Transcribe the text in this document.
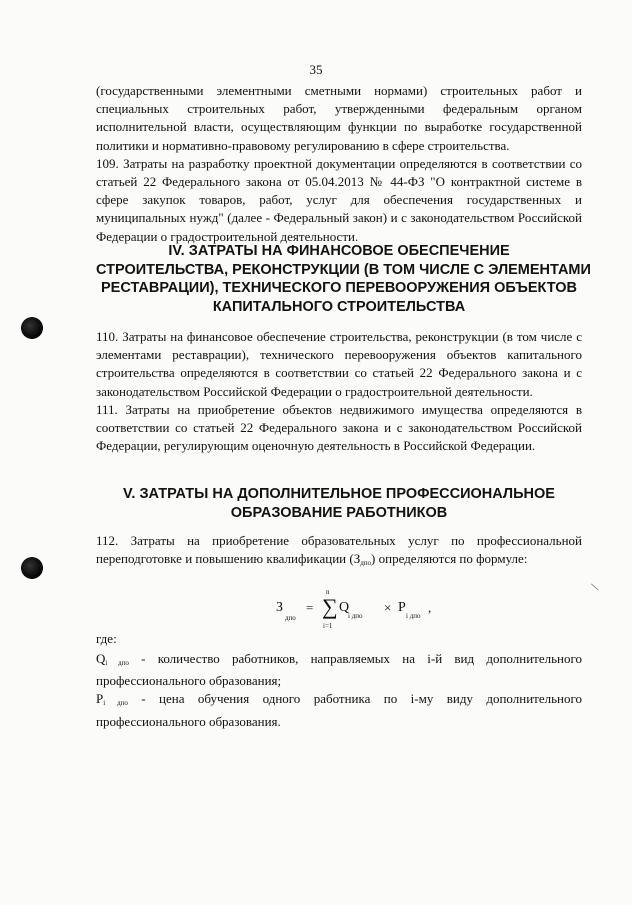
35

(государственными элементными сметными нормами) строительных работ и специальных строительных работ, утвержденными федеральным органом исполнительной власти, осуществляющим функции по выработке государственной политики и нормативно-правовому регулированию в сфере строительства.

109. Затраты на разработку проектной документации определяются в соответствии со статьей 22 Федерального закона от 05.04.2013 № 44-ФЗ "О контрактной системе в сфере закупок товаров, работ, услуг для обеспечения государственных и муниципальных нужд" (далее - Федеральный закон) и с законодательством Российской Федерации о градостроительной деятельности.

IV. ЗАТРАТЫ НА ФИНАНСОВОЕ ОБЕСПЕЧЕНИЕ
СТРОИТЕЛЬСТВА, РЕКОНСТРУКЦИИ (В ТОМ ЧИСЛЕ С ЭЛЕМЕНТАМИ
РЕСТАВРАЦИИ), ТЕХНИЧЕСКОГО ПЕРЕВООРУЖЕНИЯ ОБЪЕКТОВ
КАПИТАЛЬНОГО СТРОИТЕЛЬСТВА

110. Затраты на финансовое обеспечение строительства, реконструкции (в том числе с элементами реставрации), технического перевооружения объектов капитального строительства определяются в соответствии со статьей 22 Федерального закона и с законодательством Российской Федерации о градостроительной деятельности.

111. Затраты на приобретение объектов недвижимого имущества определяются в соответствии со статьей 22 Федерального закона и с законодательством Российской Федерации, регулирующим оценочную деятельность в Российской Федерации.

V. ЗАТРАТЫ НА ДОПОЛНИТЕЛЬНОЕ ПРОФЕССИОНАЛЬНОЕ
ОБРАЗОВАНИЕ РАБОТНИКОВ

112. Затраты на приобретение образовательных услуг по профессиональной переподготовке и повышению квалификации (Здпо) определяются по формуле:

З
дпо
=
n
∑
i=1
Q
i дпо
× P
i дпо
,
где:

Qi дпо - количество работников, направляемых на i-й вид дополнительного профессионального образования;

Pi дпо - цена обучения одного работника по i-му виду дополнительного профессионального образования.

\
